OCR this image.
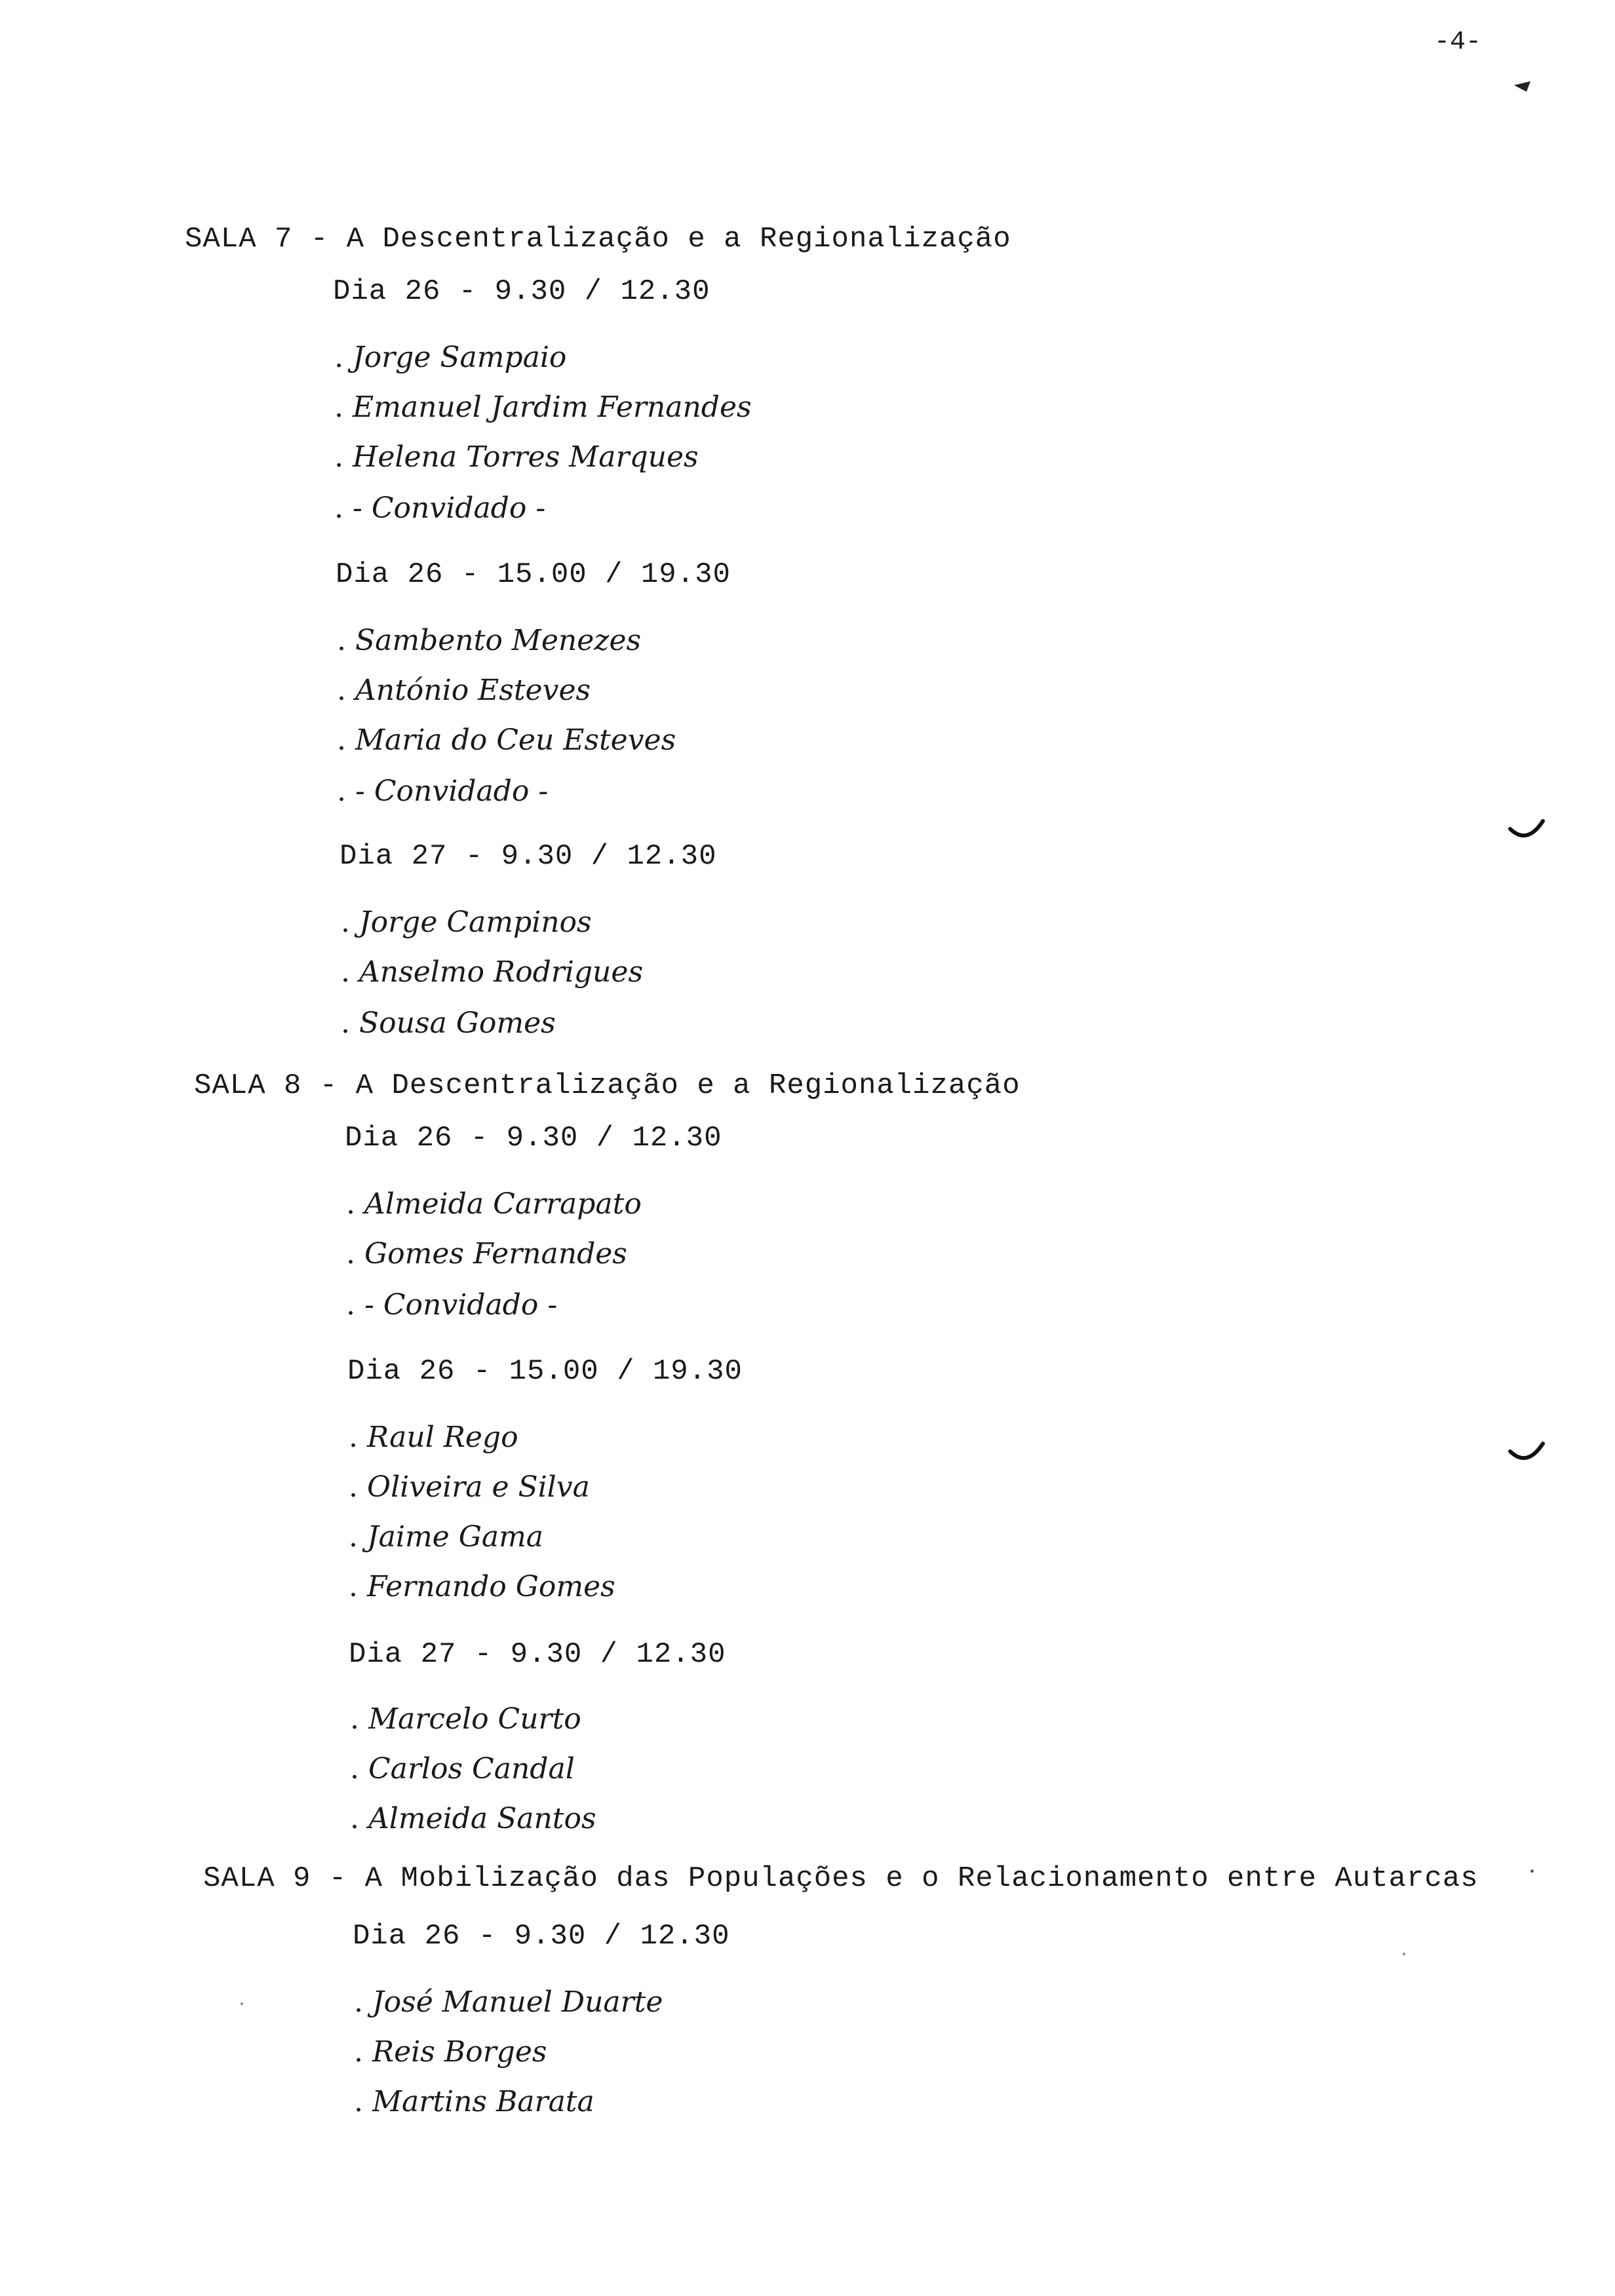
-4-
SALA 7 - A Descentralização e a Regionalização
Dia 26 - 9.30 / 12.30
. Jorge Sampaio
. Emanuel Jardim Fernandes
. Helena Torres Marques
. - Convidado -
Dia 26 - 15.00 / 19.30
. Sambento Menezes
. António Esteves
. Maria do Ceu Esteves
. - Convidado -
Dia 27 - 9.30 / 12.30
. Jorge Campinos
. Anselmo Rodrigues
. Sousa Gomes
SALA 8 - A Descentralização e a Regionalização
Dia 26 - 9.30 / 12.30
. Almeida Carrapato
. Gomes Fernandes
. - Convidado -
Dia 26 - 15.00 / 19.30
. Raul Rego
. Oliveira e Silva
. Jaime Gama
. Fernando Gomes
Dia 27 - 9.30 / 12.30
. Marcelo Curto
. Carlos Candal
. Almeida Santos
SALA 9 - A Mobilização das Populações e o Relacionamento entre Autarcas
Dia 26 - 9.30 / 12.30
. José Manuel Duarte
. Reis Borges
. Martins Barata
